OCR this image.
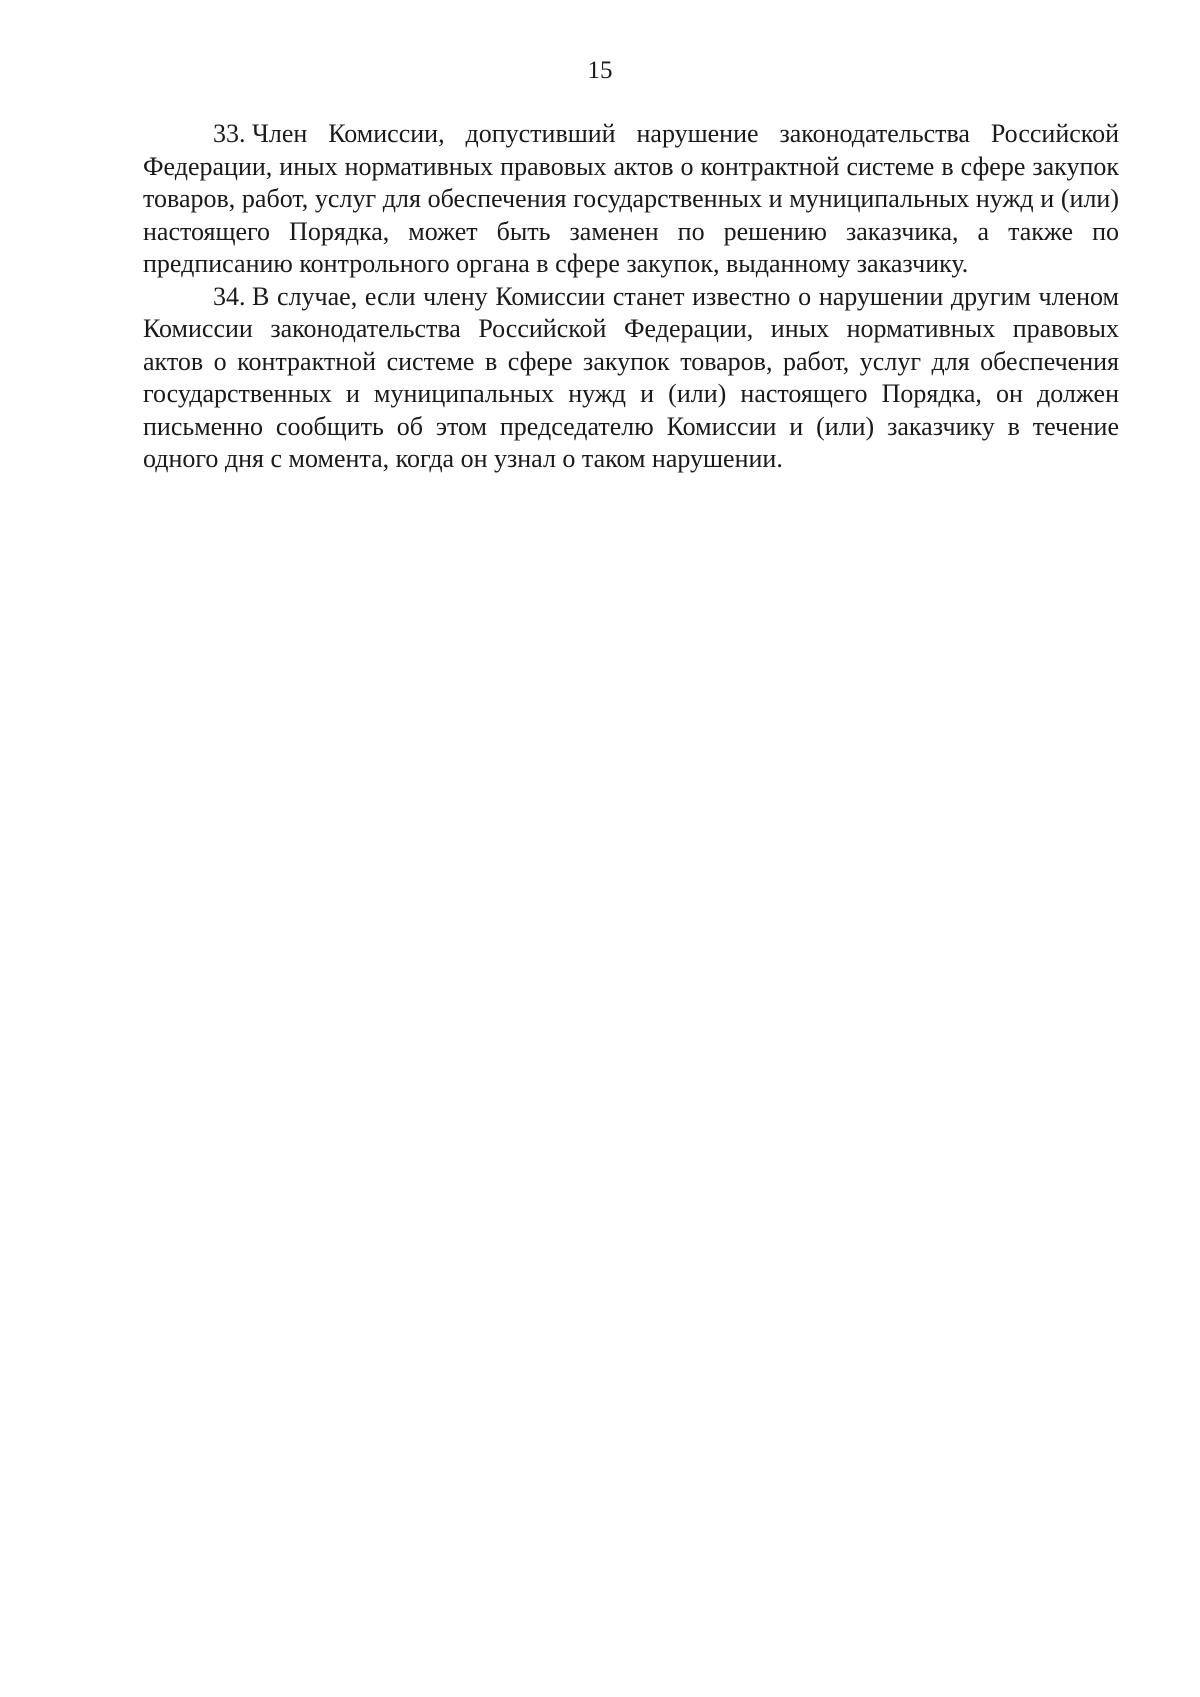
15

33. Член Комиссии, допустивший нарушение законодательства Российской Федерации, иных нормативных правовых актов о контрактной системе в сфере закупок товаров, работ, услуг для обеспечения государственных и муниципальных нужд и (или) настоящего Порядка, может быть заменен по решению заказчика, а также по предписанию контрольного органа в сфере закупок, выданному заказчику.

34. В случае, если члену Комиссии станет известно о нарушении другим членом Комиссии законодательства Российской Федерации, иных нормативных правовых актов о контрактной системе в сфере закупок товаров, работ, услуг для обеспечения государственных и муниципальных нужд и (или) настоящего Порядка, он должен письменно сообщить об этом председателю Комиссии и (или) заказчику в течение одного дня с момента, когда он узнал о таком нарушении.
